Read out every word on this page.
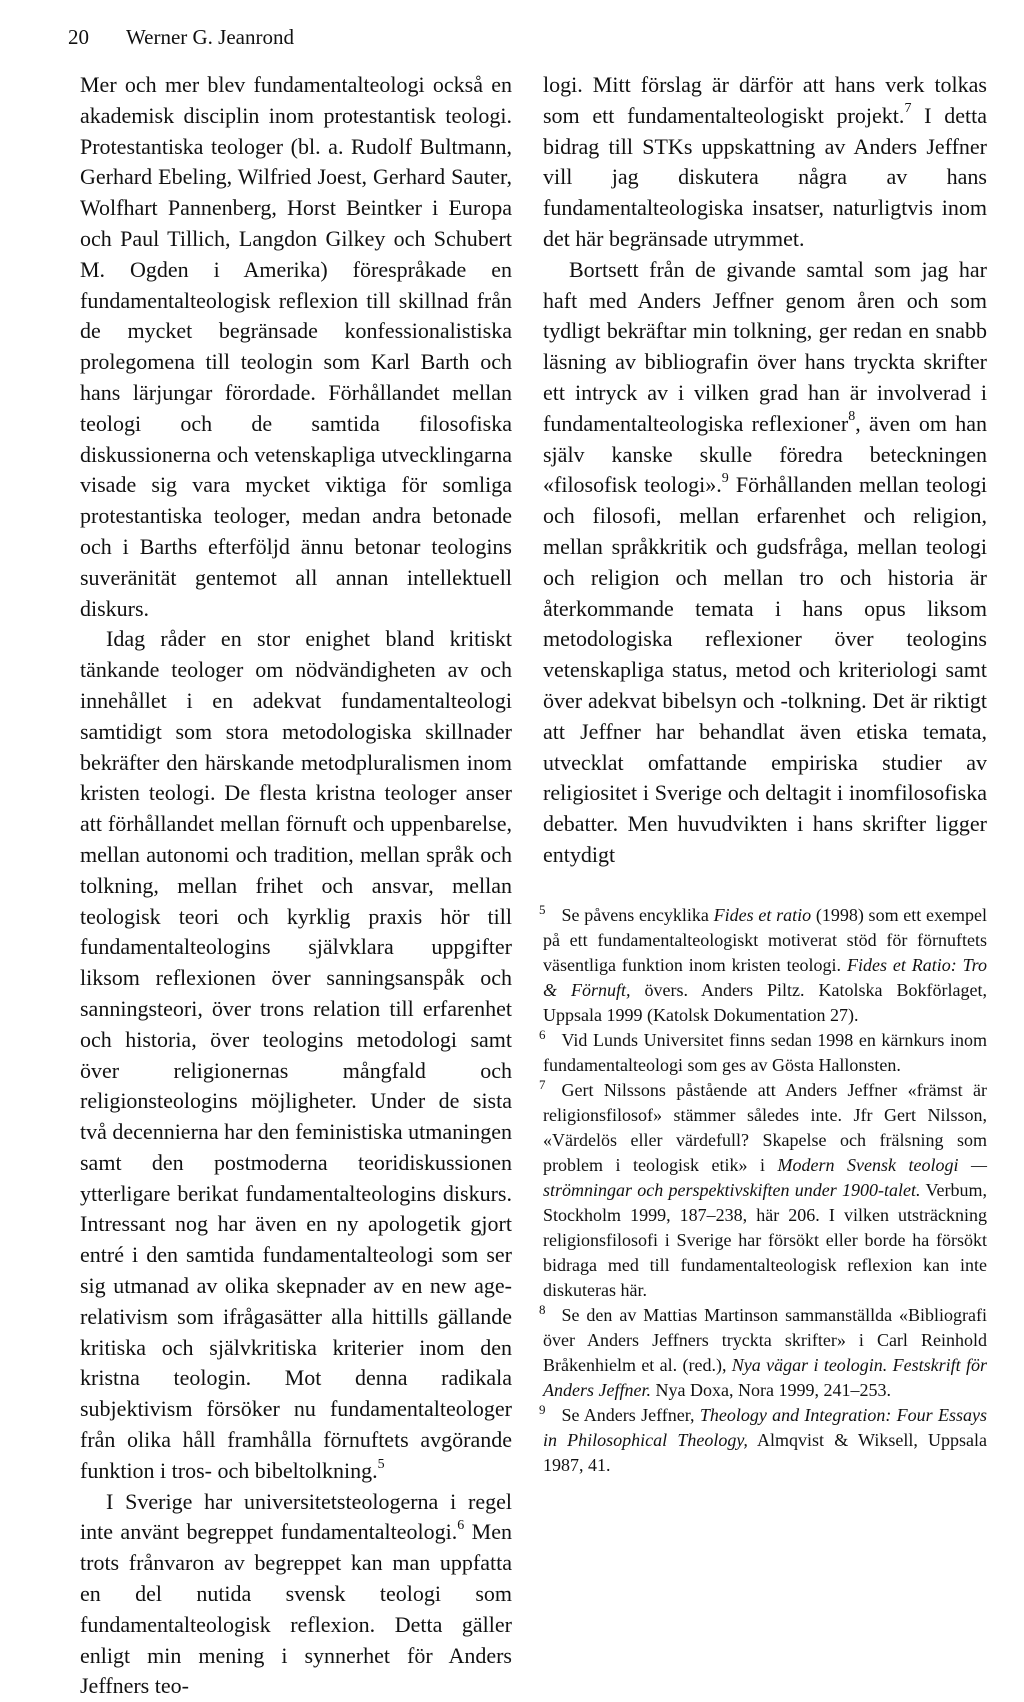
20 Werner G. Jeanrond

Mer och mer blev fundamentalteologi också en akademisk disciplin inom protestantisk teologi. Protestantiska teologer (bl. a. Rudolf Bultmann, Gerhard Ebeling, Wilfried Joest, Gerhard Sauter, Wolfhart Pannenberg, Horst Beintker i Europa och Paul Tillich, Langdon Gilkey och Schubert M. Ogden i Amerika) förespråkade en fundamentalteologisk reflexion till skillnad från de mycket begränsade konfessionalistiska prolegomena till teologin som Karl Barth och hans lärjungar förordade. Förhållandet mellan teologi och de samtida filosofiska diskussionerna och vetenskapliga utvecklingarna visade sig vara mycket viktiga för somliga protestantiska teologer, medan andra betonade och i Barths efterföljd ännu betonar teologins suveränität gentemot all annan intellektuell diskurs.

Idag råder en stor enighet bland kritiskt tänkande teologer om nödvändigheten av och innehållet i en adekvat fundamentalteologi samtidigt som stora metodologiska skillnader bekräfter den härskande metodpluralismen inom kristen teologi. De flesta kristna teologer anser att förhållandet mellan förnuft och uppenbarelse, mellan autonomi och tradition, mellan språk och tolkning, mellan frihet och ansvar, mellan teologisk teori och kyrklig praxis hör till fundamentalteologins självklara uppgifter liksom reflexionen över sanningsanspåk och sanningsteori, över trons relation till erfarenhet och historia, över teologins metodologi samt över religionernas mångfald och religionsteologins möjligheter. Under de sista två decennierna har den feministiska utmaningen samt den postmoderna teoridiskussionen ytterligare berikat fundamentalteologins diskurs. Intressant nog har även en ny apologetik gjort entré i den samtida fundamentalteologi som ser sig utmanad av olika skepnader av en new age-relativism som ifrågasätter alla hittills gällande kritiska och självkritiska kriterier inom den kristna teologin. Mot denna radikala subjektivism försöker nu fundamentalteologer från olika håll framhålla förnuftets avgörande funktion i tros- och bibeltolkning.$^5$

I Sverige har universitetsteologerna i regel inte använt begreppet fundamentalteologi.$^6$ Men trots frånvaron av begreppet kan man uppfatta en del nutida svensk teologi som fundamentalteologisk reflexion. Detta gäller enligt min mening i synnerhet för Anders Jeffners teo-

logi. Mitt förslag är därför att hans verk tolkas som ett fundamentalteologiskt projekt.$^7$ I detta bidrag till STKs uppskattning av Anders Jeffner vill jag diskutera några av hans fundamentalteologiska insatser, naturligtvis inom det här begränsade utrymmet.

Bortsett från de givande samtal som jag har haft med Anders Jeffner genom åren och som tydligt bekräftar min tolkning, ger redan en snabb läsning av bibliografin över hans tryckta skrifter ett intryck av i vilken grad han är involverad i fundamentalteologiska reflexioner$^8$, även om han själv kanske skulle föredra beteckningen «filosofisk teologi».$^9$ Förhållanden mellan teologi och filosofi, mellan erfarenhet och religion, mellan språkkritik och gudsfråga, mellan teologi och religion och mellan tro och historia är återkommande temata i hans opus liksom metodologiska reflexioner över teologins vetenskapliga status, metod och kriteriologi samt över adekvat bibelsyn och -tolkning. Det är riktigt att Jeffner har behandlat även etiska temata, utvecklat omfattande empiriska studier av religiositet i Sverige och deltagit i inomfilosofiska debatter. Men huvudvikten i hans skrifter ligger entydigt

$^5$ Se påvens encyklika Fides et ratio (1998) som ett exempel på ett fundamentalteologiskt motiverat stöd för förnuftets väsentliga funktion inom kristen teologi. Fides et Ratio: Tro & Förnuft, övers. Anders Piltz. Katolska Bokförlaget, Uppsala 1999 (Katolsk Dokumentation 27).

$^6$ Vid Lunds Universitet finns sedan 1998 en kärnkurs inom fundamentalteologi som ges av Gösta Hallonsten.

$^7$ Gert Nilssons påstående att Anders Jeffner «främst är religionsfilosof» stämmer således inte. Jfr Gert Nilsson, «Värdelös eller värdefull? Skapelse och frälsning som problem i teologisk etik» i Modern Svensk teologi — strömningar och perspektivskiften under 1900-talet. Verbum, Stockholm 1999, 187–238, här 206. I vilken utsträckning religionsfilosofi i Sverige har försökt eller borde ha försökt bidraga med till fundamentalteologisk reflexion kan inte diskuteras här.

$^8$ Se den av Mattias Martinson sammanställda «Bibliografi över Anders Jeffners tryckta skrifter» i Carl Reinhold Bråkenhielm et al. (red.), Nya vägar i teologin. Festskrift för Anders Jeffner. Nya Doxa, Nora 1999, 241–253.

$^9$ Se Anders Jeffner, Theology and Integration: Four Essays in Philosophical Theology, Almqvist & Wiksell, Uppsala 1987, 41.
